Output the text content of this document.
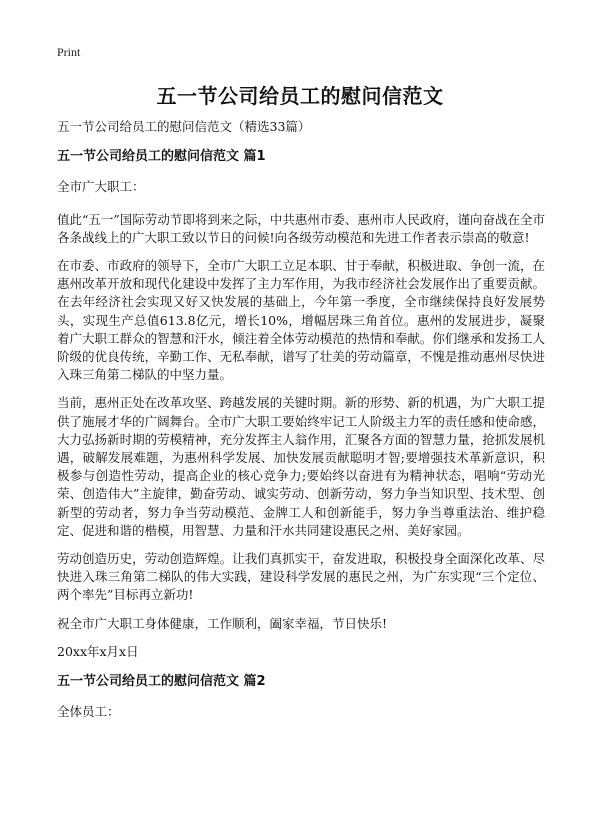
Print
五一节公司给员工的慰问信范文

五一节公司给员工的慰问信范文（精选33篇）

五一节公司给员工的慰问信范文 篇1

全市广大职工：

值此“五一”国际劳动节即将到来之际，中共惠州市委、惠州市人民政府，谨向奋战在全市各条战线上的广大职工致以节日的问候!向各级劳动模范和先进工作者表示崇高的敬意!

在市委、市政府的领导下，全市广大职工立足本职、甘于奉献，积极进取、争创一流，在惠州改革开放和现代化建设中发挥了主力军作用，为我市经济社会发展作出了重要贡献。在去年经济社会实现又好又快发展的基础上，今年第一季度，全市继续保持良好发展势头，实现生产总值613.8亿元，增长10%，增幅居珠三角首位。惠州的发展进步，凝聚着广大职工群众的智慧和汗水，倾注着全体劳动模范的热情和奉献。你们继承和发扬工人阶级的优良传统，辛勤工作、无私奉献，谱写了壮美的劳动篇章，不愧是推动惠州尽快进入珠三角第二梯队的中坚力量。

当前，惠州正处在改革攻坚、跨越发展的关键时期。新的形势、新的机遇，为广大职工提供了施展才华的广阔舞台。全市广大职工要始终牢记工人阶级主力军的责任感和使命感，大力弘扬新时期的劳模精神，充分发挥主人翁作用，汇聚各方面的智慧力量，抢抓发展机遇，破解发展难题，为惠州科学发展、加快发展贡献聪明才智;要增强技术革新意识，积极参与创造性劳动，提高企业的核心竞争力;要始终以奋进有为精神状态，唱响“劳动光荣、创造伟大”主旋律，勤奋劳动、诚实劳动、创新劳动，努力争当知识型、技术型、创新型的劳动者，努力争当劳动模范、金牌工人和创新能手，努力争当尊重法治、维护稳定、促进和谐的楷模，用智慧、力量和汗水共同建设惠民之州、美好家园。

劳动创造历史，劳动创造辉煌。让我们真抓实干，奋发进取，积极投身全面深化改革、尽快进入珠三角第二梯队的伟大实践，建设科学发展的惠民之州，为广东实现“三个定位、两个率先”目标再立新功!

祝全市广大职工身体健康，工作顺利，阖家幸福，节日快乐!

20xx年x月x日

五一节公司给员工的慰问信范文 篇2

全体员工：
